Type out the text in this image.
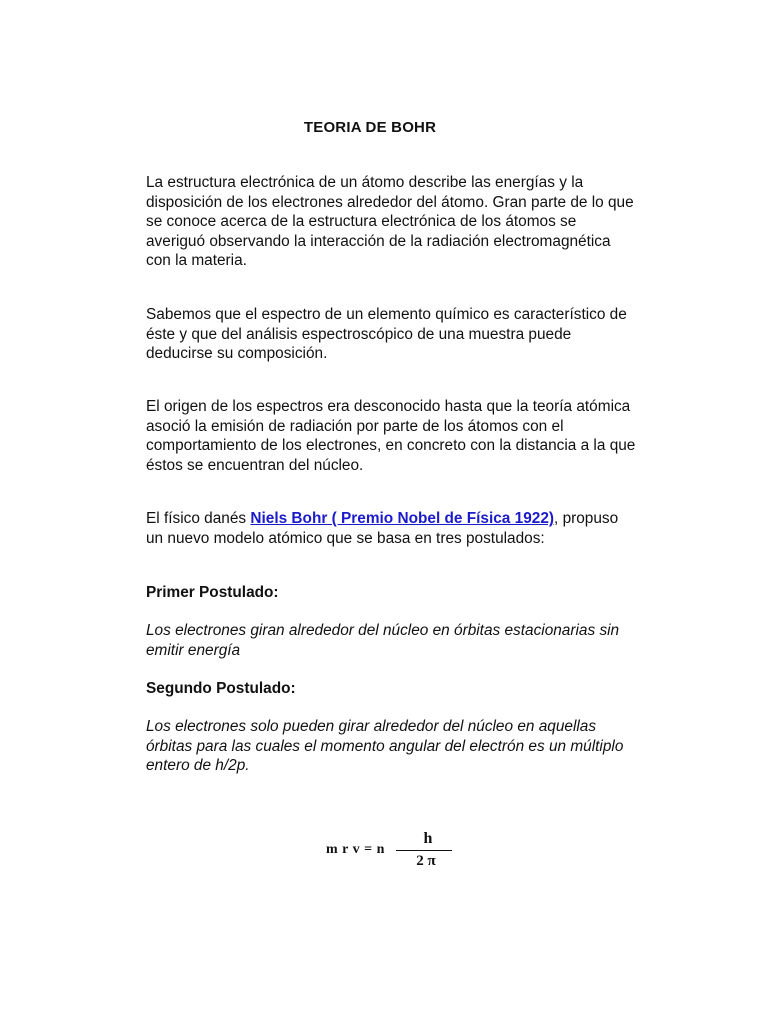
TEORIA DE BOHR

La estructura electrónica de un átomo describe las energías y la disposición de los electrones alrededor del átomo. Gran parte de lo que se conoce acerca de la estructura electrónica de los átomos se averiguó observando la interacción de la radiación electromagnética con la materia.

Sabemos que el espectro de un elemento químico es característico de éste y que del análisis espectroscópico de una muestra puede deducirse su composición.

El origen de los espectros era desconocido hasta que la teoría atómica asoció la emisión de radiación por parte de los átomos con el comportamiento de los electrones, en concreto con la distancia a la que éstos se encuentran del núcleo.

El físico danés Niels Bohr ( Premio Nobel de Física 1922), propuso un nuevo modelo atómico que se basa en tres postulados:

Primer Postulado:

Los electrones giran alrededor del núcleo en órbitas estacionarias sin emitir energía

Segundo Postulado:

Los electrones solo pueden girar alrededor del núcleo en aquellas órbitas para las cuales el momento angular del electrón es un múltiplo entero de h/2p.

m r v = n
h
2 π
